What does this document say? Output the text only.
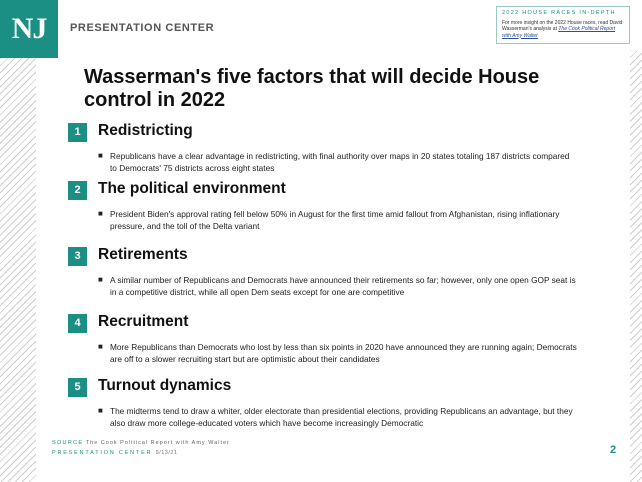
NJ	PRESENTATION CENTER
2022 HOUSE RACES IN-DEPTH
For more insight on the 2022 House races, read David Wasserman's analysis at The Cook Political Report with Amy Walter
Wasserman's five factors that will decide House control in 2022
1	Redistricting
■ Republicans have a clear advantage in redistricting, with final authority over maps in 20 states totaling 187 districts compared to Democrats' 75 districts across eight states
2	The political environment
■ President Biden's approval rating fell below 50% in August for the first time amid fallout from Afghanistan, rising inflationary pressure, and the toll of the Delta variant
3	Retirements
■ A similar number of Republicans and Democrats have announced their retirements so far; however, only one open GOP seat is in a competitive district, while all open Dem seats except for one are competitive
4	Recruitment
■ More Republicans than Democrats who lost by less than six points in 2020 have announced they are running again; Democrats are off to a slower recruiting start but are optimistic about their candidates
5	Turnout dynamics
■ The midterms tend to draw a whiter, older electorate than presidential elections, providing Republicans an advantage, but they also draw more college-educated voters which have become increasingly Democratic
SOURCE The Cook Political Report with Amy Walter
PRESENTATION CENTER 9/13/21	2
